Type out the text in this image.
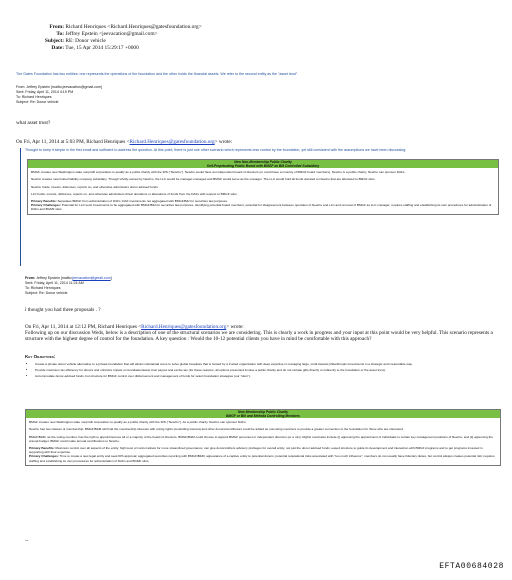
From: Richard Henriques <Richard.Henriques@gatesfoundation.org>
To: Jeffrey Epstein <jeevacation@gmail.com>
Subject: RE: Donor vehicle
Date: Tue, 15 Apr 2014 15:29:17 +0000
The Gates Foundation has two entities: one represents the operations of the foundation and the other holds the financial assets. We refer to the second entity as the "asset trust".
From: Jeffrey Epstein [mailto:jeevacation@gmail.com]
Sent: Friday, April 11, 2014 4:19 PM
To: Richard Henriques
Subject: Re: Donor vehicle
what asset trust?
On Fri, Apr 11, 2014 at 5:03 PM, Richard Henriques <Richard.Henriques@gatesfoundation.org> wrote:
Thought to keep it simple in the first email and sufficient to address the question. At this point, there is just one other scenario which represents less control by the foundation, yet still consistent with the assumptions we have been discussing:
New Non-Membership Public Charity
Self-Perpetuating Public Board with BMGF as BM Controlled Subsidiary
BMGF creates new Washington state nonprofit corporation to qualify as a public charity with the IRS ("NewCo"). NewCo would have an independent board of directors (or could have a minority of BMGF board members). NewCo is a public charity. NewCo can sponsor DAFs.
NewCo creates new limited liability company subsidiary. Though wholly-owned by NewCo, the LLC would be manager-managed and BMGF would serve as the manager. The LLC would hold all funds donated to NewCo that are allocated to BMGF silos.
NewCo holds, invests, disburses, reports on, and otherwise administers donor advised funds.
LLC holds, invests, disburses, reports on, and otherwise administers direct donations or allocations of funds from the DAFs with respect to BMGF silos.
Primary Benefits: Separates BMGF from administration of DAFs; DAF investments not aggregated with BMGF/B&I for securities law purposes.
Primary Challenges: Potential for LLC level investments to be aggregated with BMGF/B&I for securities law purposes; identifying potential board members; potential for disagreement between operation of NewCo and LLC and removal of BMGF as LLC manager; requires staffing and establishing its own procedures for administration of DAFs and BGMF silos.
From: Jeffrey Epstein [mailto:jeevacation@gmail.com]
Sent: Friday, April 11, 2014 11:24 AM
To: Richard Henriques
Subject: Re: Donor vehicle
i thought you had three proposals . ?
On Fri, Apr 11, 2014 at 12:12 PM, Richard Henriques <Richard.Henriques@gatesfoundation.org> wrote:
Following up on our discussion Weds, below is a description of one of the structural scenarios we are considering. This is clearly a work in progress and your input at this point would be very helpful. This scenario represents a structure with the highest degree of control for the foundation. A key question : Would the 10-12 potential clients you have in mind be comfortable with this approach?
Key Objectives:
• Create a private donor vehicle alternative to a private foundation that will attract substantial sums to solve global inequities that is hosted by a trusted organization with deep expertise in managing large, multi-faceted philanthropic investments in a strategic and measurable way.
• Provide maximum tax efficiency for donors and minimize impact on foundation/asset trust payout and excise tax (for these reasons, all options presented involve a public charity and do not include gifts directly or indirectly to the foundation or the asset trust).
• Accommodate donor-advised funds, but structure for BMGF control over disbursement and management of funds for select foundation strategies (our "silos").
New Membership Public Charity
BMGF or BIll and Melinda Controlling Members
BMGF creates new Washington state nonprofit corporation to qualify as a public charity with the IRS ("NewCo"). As a public charity, NewCo can sponsor DAFs.
NewCo has two classes of membership: BMGF/B&M will hold the membership interests with voting rights (controlling interest) and other donors/contributors could be added as nonvoting members to provide a greater connection to the foundation for those who are interested.
BMGF/B&M, as the voting member, has the right to appoint/remove all or a majority of the board of directors. BMGF/B&M could choose to appoint BMGF personnel or independent directors (or a mix). Rights could also include (i) approving the appointment of individuals to certain key management positions of NewCo, and (ii) approving the annual budget. BMGF could make annual contributions to NewCo.
Primary Benefits: Maximum control over all aspects of the entity; high level of control allows for more streamlined governance; can give donors/others advisory privileges for overall entity, not just the donor advised funds; eased structure to guide its development and interaction with BMGF programs and to get programs invested in supporting with their expertise.
Primary Challenges: Time to create a new legal entity and seek IRS approval; aggregated securities reporting with BMGF/B&M; appearance of a captive entity to potential donors; potential reputational risks associated with "too much influence"; members do not usually have fiduciary duties, but control always creates potential risk; requires staffing and establishing its own procedures for administration of DAFs and BGMF silos.
--
EFTA00684028
